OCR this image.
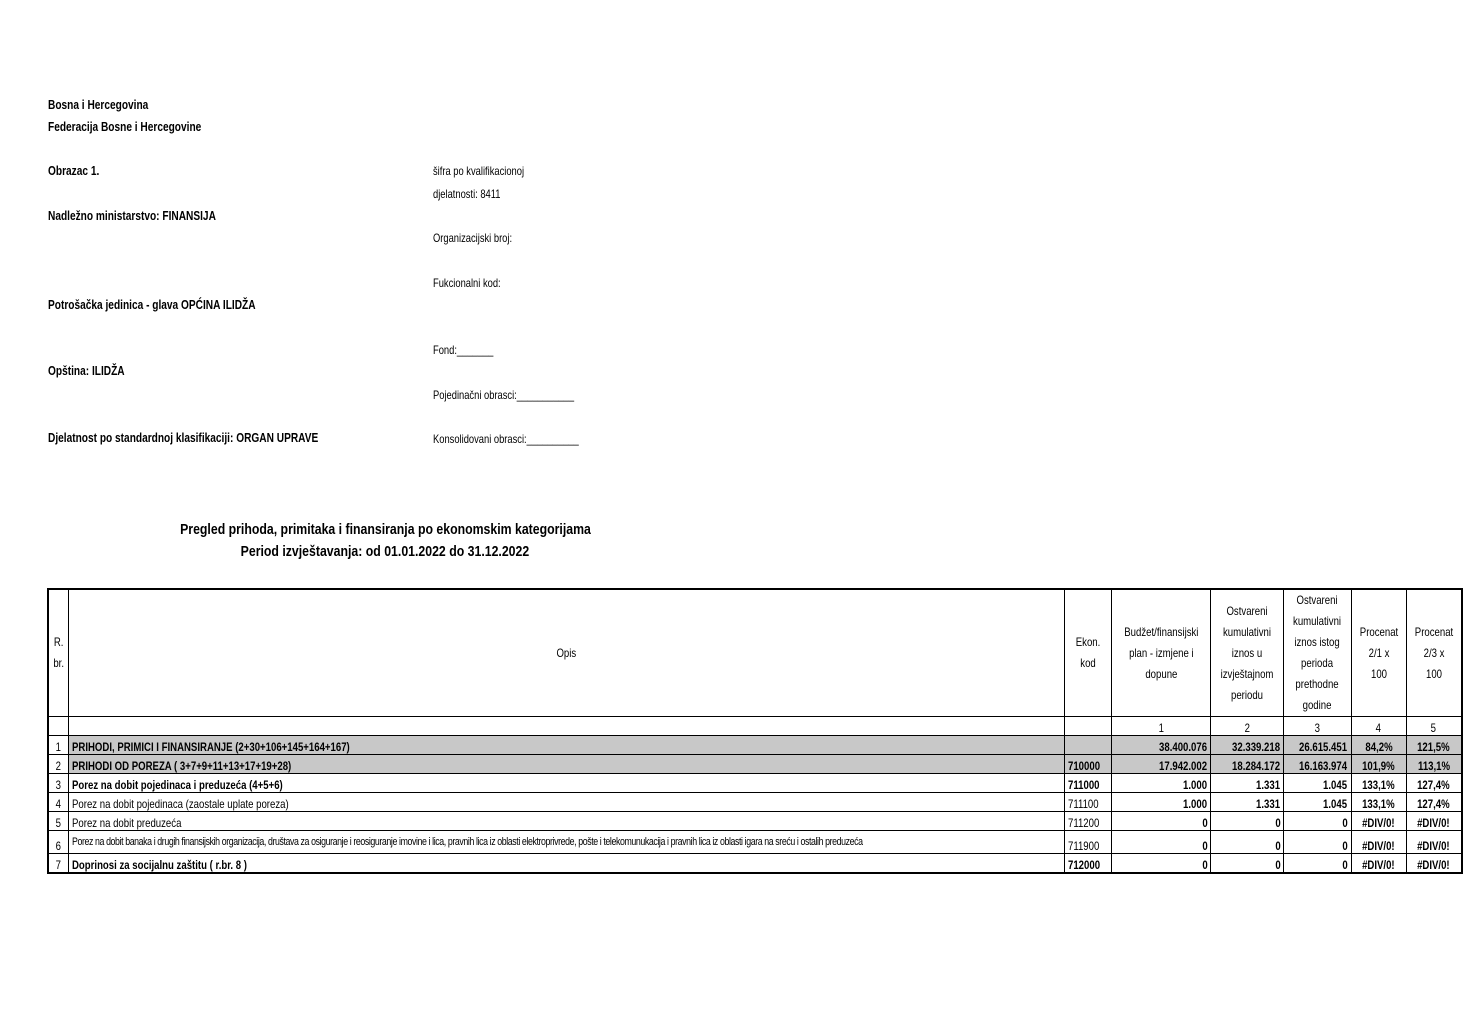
Bosna i Hercegovina
Federacija Bosne i Hercegovine
Obrazac 1.
Nadležno ministarstvo: FINANSIJA
Potrošačka jedinica - glava OPĆINA ILIDŽA
Opština: ILIDŽA
Djelatnost po standardnoj klasifikaciji: ORGAN UPRAVE
šifra po kvalifikacionoj
djelatnosti: 8411
Organizacijski broj:
Fukcionalni kod:
Fond:_______
Pojedinačni obrasci:___________
Konsolidovani obrasci:__________
Pregled prihoda, primitaka i finansiranja po ekonomskim kategorijama
Period izvještavanja: od 01.01.2022 do 31.12.2022
R. br.	Opis	Ekon. kod	Budžet/finansijski plan - izmjene i dopune	Ostvareni kumulativni iznos u izvještajnom periodu	Ostvareni kumulativni iznos istog perioda prethodne godine	Procenat 2/1 x 100	Procenat 2/3 x 100
			1	2	3	4	5
1	PRIHODI, PRIMICI I FINANSIRANJE (2+30+106+145+164+167)		38.400.076	32.339.218	26.615.451	84,2%	121,5%
2	PRIHODI OD POREZA ( 3+7+9+11+13+17+19+28)	710000	17.942.002	18.284.172	16.163.974	101,9%	113,1%
3	Porez na dobit pojedinaca i preduzeća (4+5+6)	711000	1.000	1.331	1.045	133,1%	127,4%
4	Porez na dobit pojedinaca (zaostale uplate poreza)	711100	1.000	1.331	1.045	133,1%	127,4%
5	Porez na dobit preduzeća	711200	0	0	0	#DIV/0!	#DIV/0!
6	Porez na dobit banaka i drugih finansijskih organizacija, društava za osiguranje i reosiguranje imovine i lica, pravnih lica iz oblasti elektroprivrede, pošte i telekomunukacija i pravnih lica iz oblasti igara na sreću i ostalih preduzeća	711900	0	0	0	#DIV/0!	#DIV/0!
7	Doprinosi za socijalnu zaštitu ( r.br. 8 )	712000	0	0	0	#DIV/0!	#DIV/0!
